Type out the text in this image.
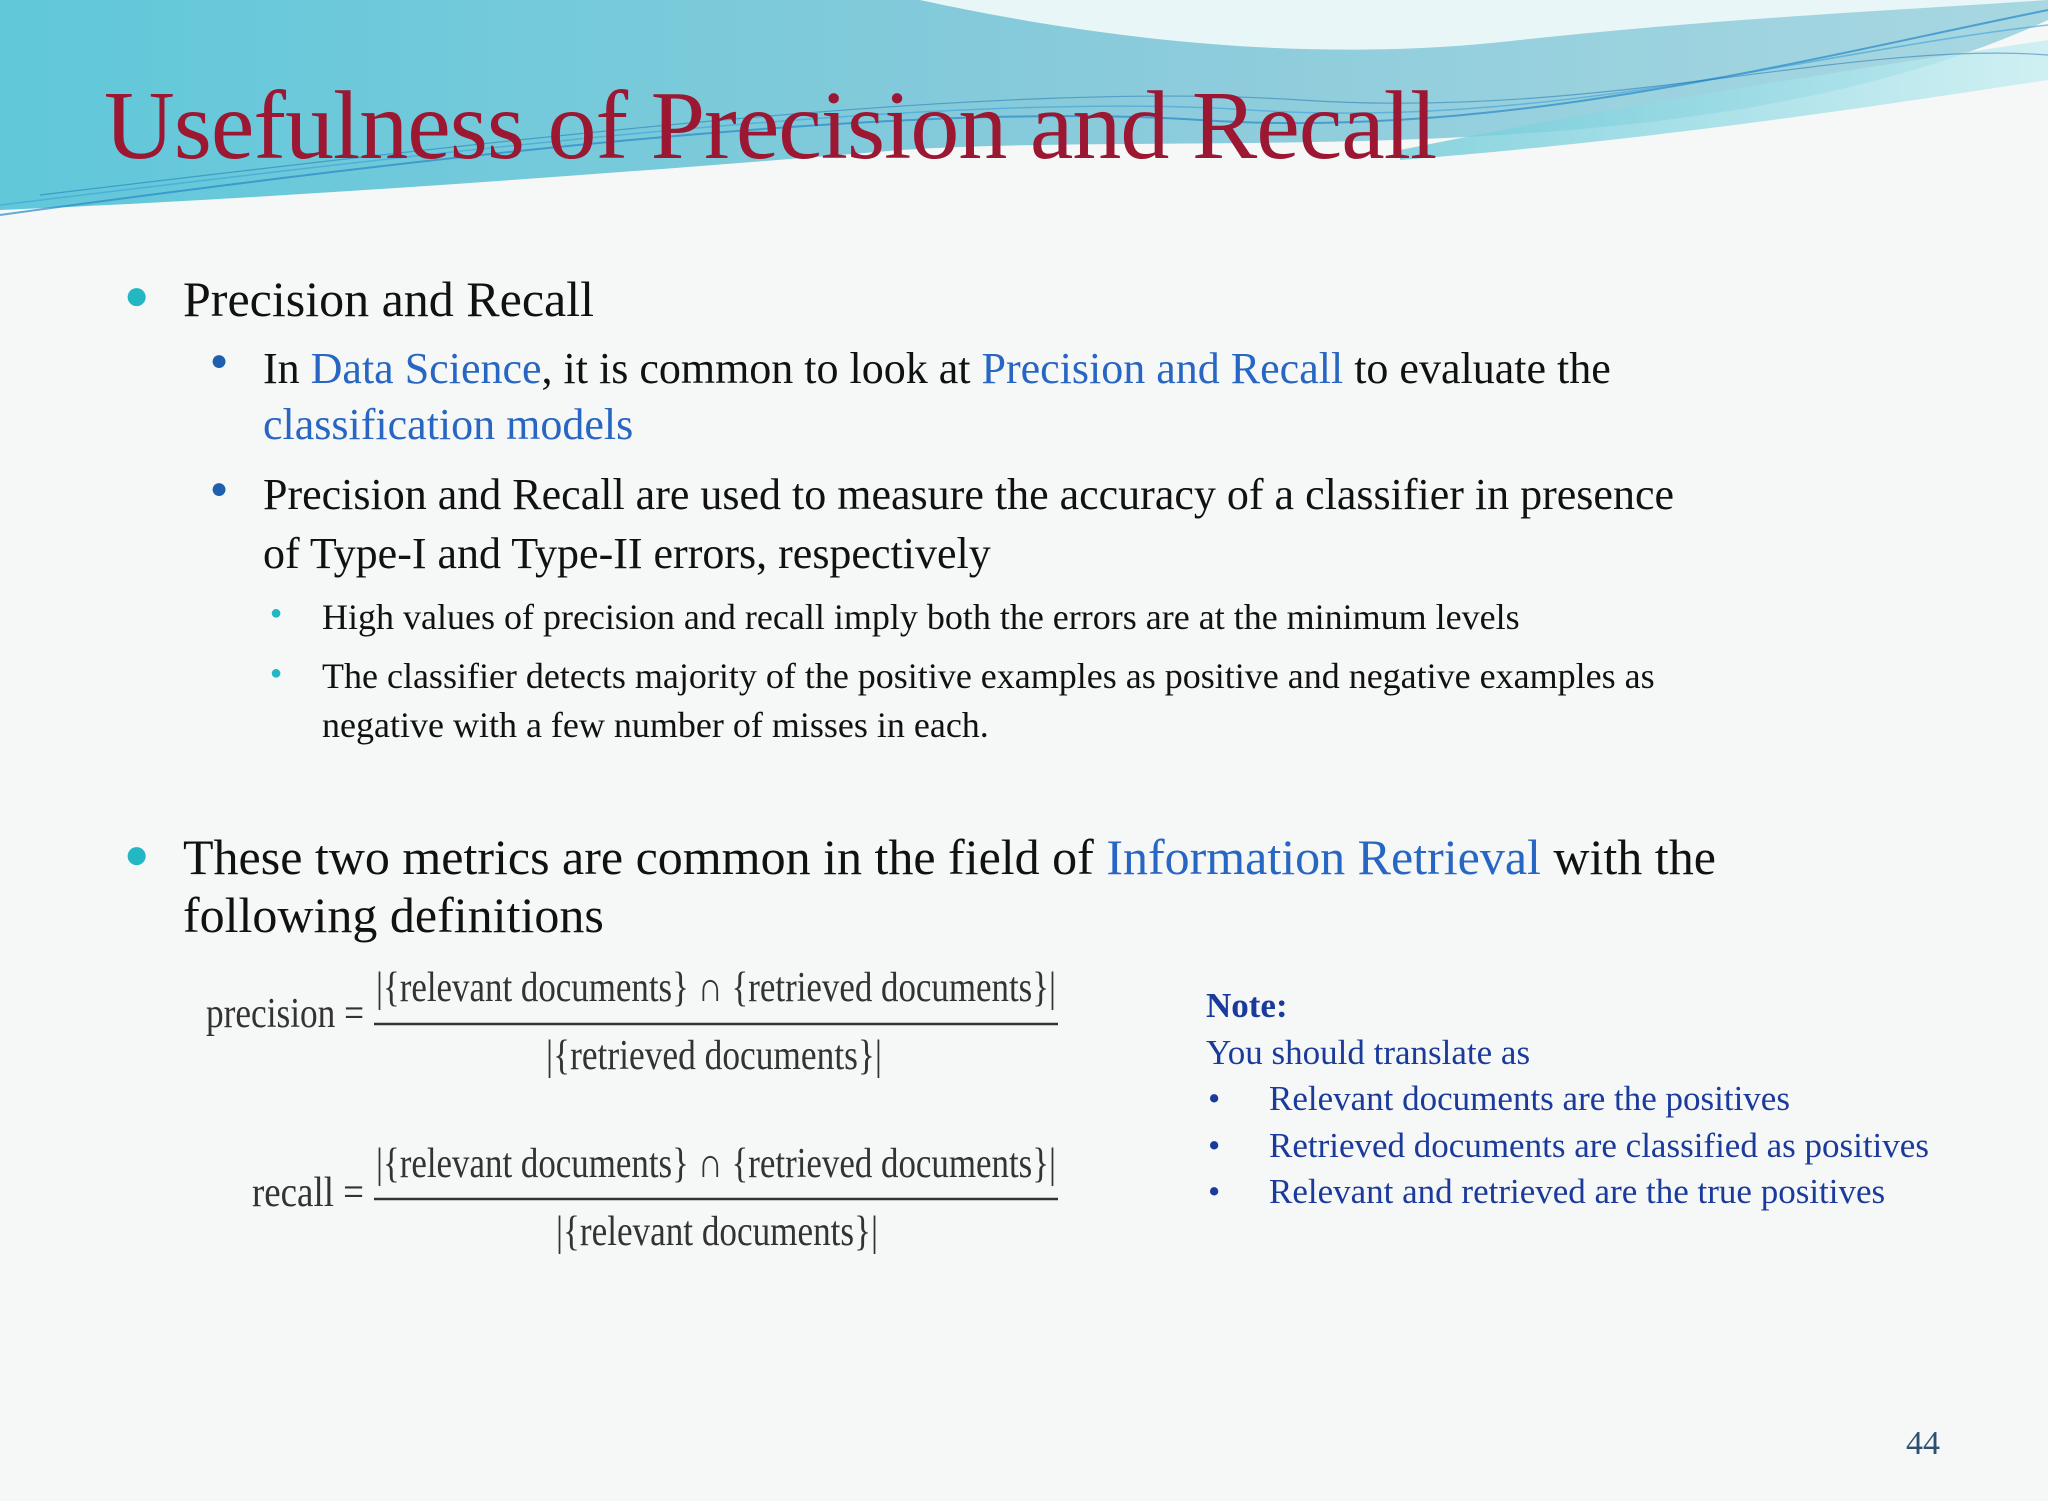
Usefulness of Precision and Recall
● Precision and Recall
● In Data Science, it is common to look at Precision and Recall to evaluate the
classification models
● Precision and Recall are used to measure the accuracy of a classifier in presence
of Type-I and Type-II errors, respectively
● High values of precision and recall imply both the errors are at the minimum levels
● The classifier detects majority of the positive examples as positive and negative examples as
negative with a few number of misses in each.
● These two metrics are common in the field of Information Retrieval with the
following definitions
precision =
|{relevant documents} ∩ {retrieved documents}|
|{retrieved documents}|
recall =
|{relevant documents} ∩ {retrieved documents}|
|{relevant documents}|
Note:
You should translate as
• Relevant documents are the positives
• Retrieved documents are classified as positives
• Relevant and retrieved are the true positives
44
